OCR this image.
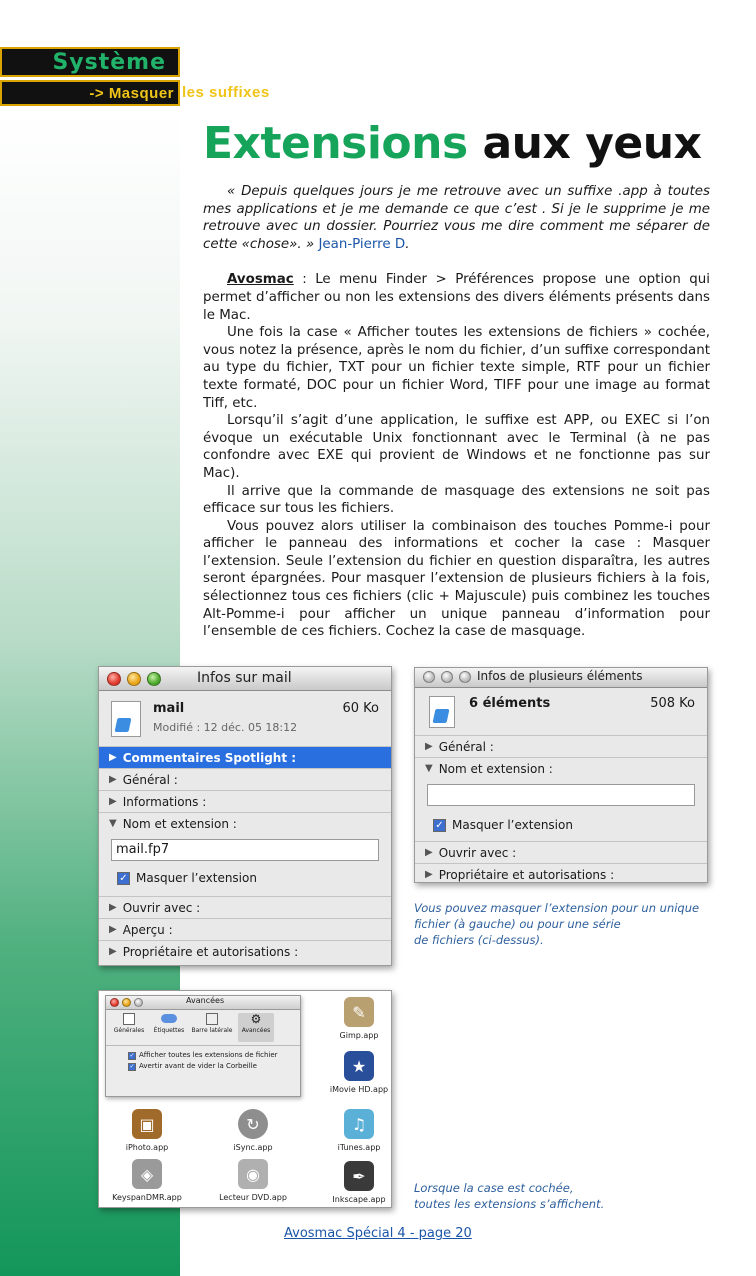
Système
-> Masquer les suffixes
Extensions aux yeux

« Depuis quelques jours je me retrouve avec un suffixe .app à toutes mes applications et je me demande ce que c’est . Si je le supprime je me retrouve avec un dossier. Pourriez vous me dire comment me séparer de cette «chose». » Jean-Pierre D.

Avosmac : Le menu Finder > Préférences propose une option qui permet d’afficher ou non les extensions des divers éléments présents dans le Mac.

Une fois la case « Afficher toutes les extensions de fichiers » cochée, vous notez la présence, après le nom du fichier, d’un suffixe correspondant au type du fichier, TXT pour un fichier texte simple, RTF pour un fichier texte formaté, DOC pour un fichier Word, TIFF pour une image au format Tiff, etc.

Lorsqu’il s’agit d’une application, le suffixe est APP, ou EXEC si l’on évoque un exécutable Unix fonctionnant avec le Terminal (à ne pas confondre avec EXE qui provient de Windows et ne fonctionne pas sur Mac).

Il arrive que la commande de masquage des extensions ne soit pas efficace sur tous les fichiers.

Vous pouvez alors utiliser la combinaison des touches Pomme-i pour afficher le panneau des informations et cocher la case : Masquer l’extension. Seule l’extension du fichier en question disparaîtra, les autres seront épargnées. Pour masquer l’extension de plusieurs fichiers à la fois, sélectionnez tous ces fichiers (clic + Majuscule) puis combinez les touches Alt-Pomme-i pour afficher un unique panneau d’information pour l’ensemble de ces fichiers. Cochez la case de masquage.

Infos sur mail
mail	60 Ko
Modifié : 12 déc. 05 18:12
▶ Commentaires Spotlight :
▶ Général :
▶ Informations :
▼ Nom et extension :
mail.fp7
✓ Masquer l’extension
▶ Ouvrir avec :
▶ Aperçu :
▶ Propriétaire et autorisations :
Infos de plusieurs éléments
6 éléments	508 Ko
▶ Général :
▼ Nom et extension :
✓ Masquer l’extension
▶ Ouvrir avec :
▶ Propriétaire et autorisations :
Vous pouvez masquer l’extension pour un unique
fichier (à gauche) ou pour une série
de fichiers (ci-dessus).
Avancées
Générales	Étiquettes Barre latérale
⚙
Avancées
✓ Afficher toutes les extensions de fichier
✓ Avertir avant de vider la Corbeille
✎
Gimp.app
★
iMovie HD.app
▣
iPhoto.app
↻
iSync.app
♫
iTunes.app
◈
KeyspanDMR.app
◉
Lecteur DVD.app
✒
Inkscape.app
Lorsque la case est cochée,
toutes les extensions s’affichent.
Avosmac Spécial 4 - page 20
